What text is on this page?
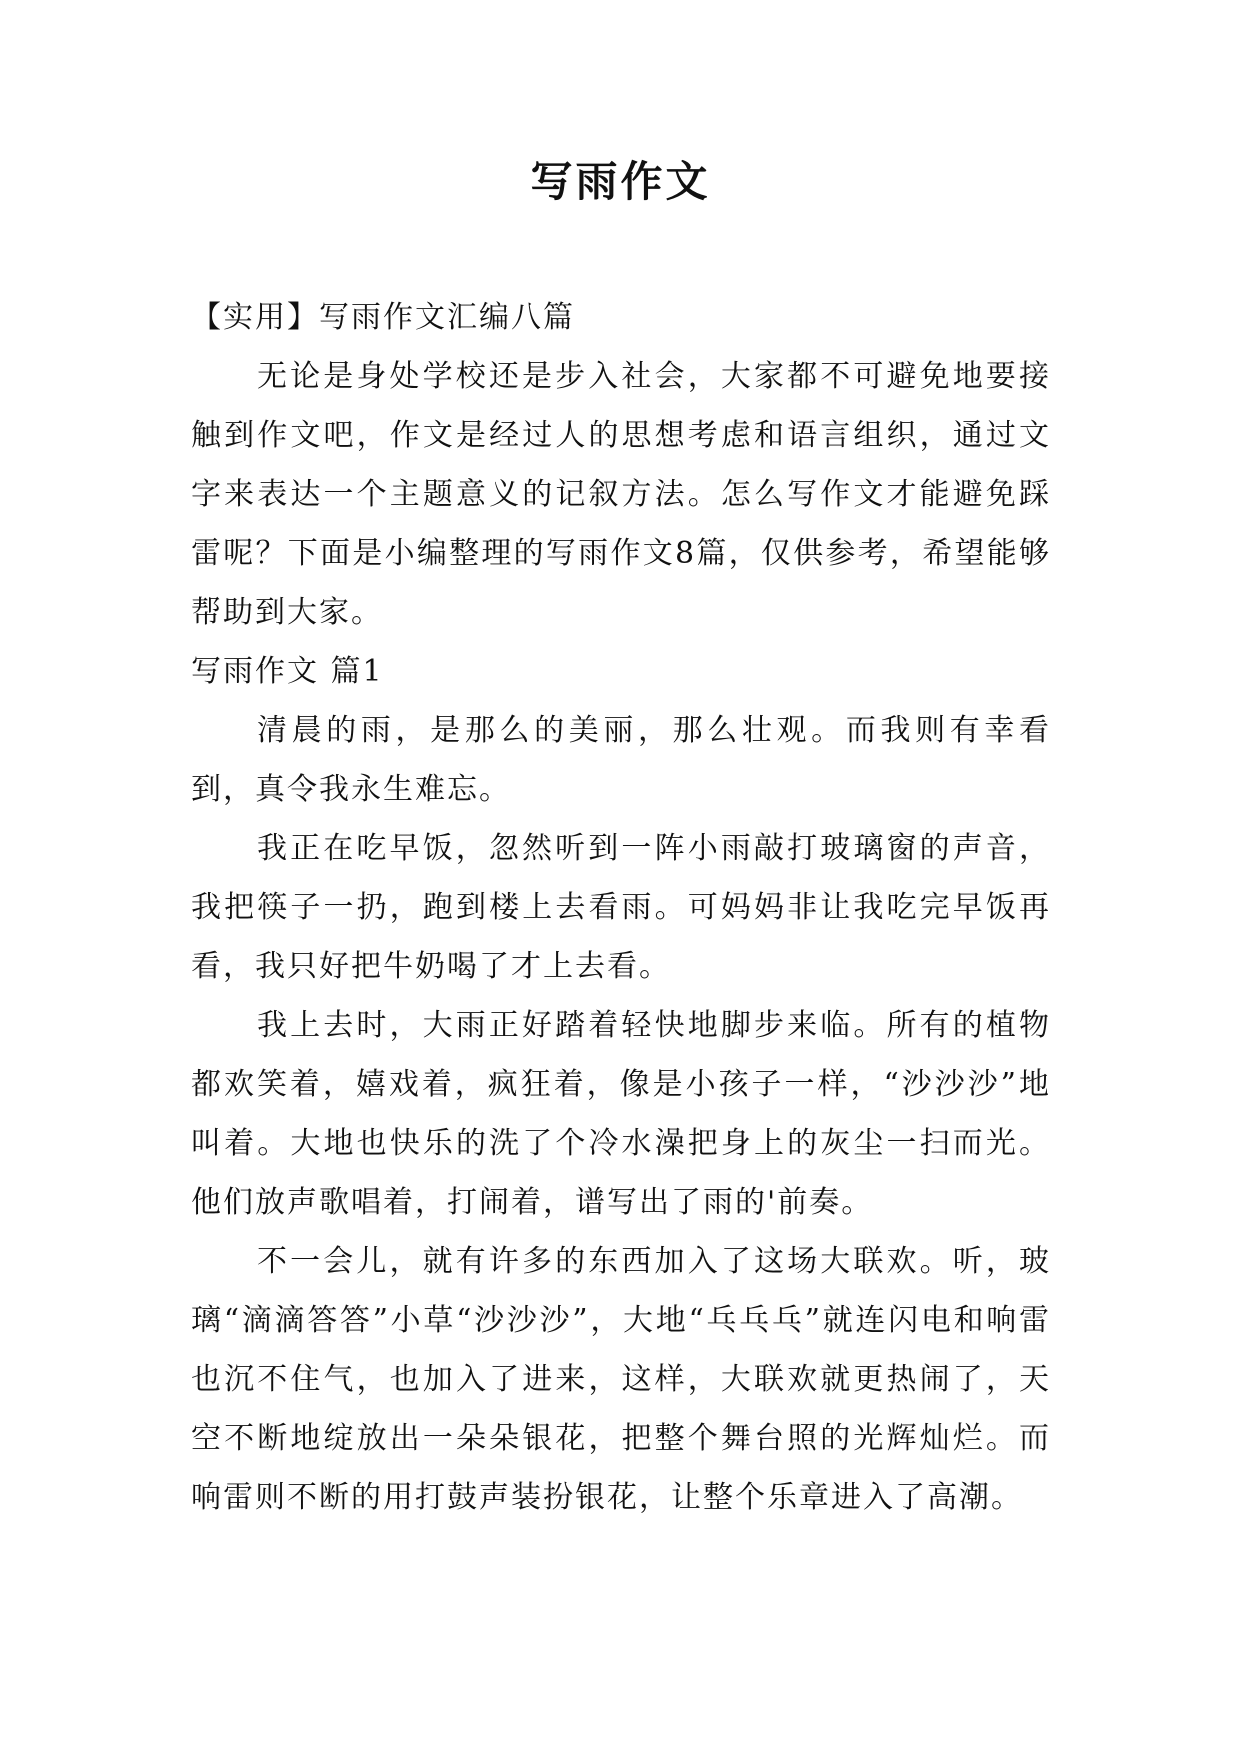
写雨作文

【实用】写雨作文汇编八篇

无论是身处学校还是步入社会，大家都不可避免地要接触到作文吧，作文是经过人的思想考虑和语言组织，通过文字来表达一个主题意义的记叙方法。怎么写作文才能避免踩雷呢？下面是小编整理的写雨作文8篇，仅供参考，希望能够帮助到大家。

写雨作文 篇1

清晨的雨，是那么的美丽，那么壮观。而我则有幸看到，真令我永生难忘。

我正在吃早饭，忽然听到一阵小雨敲打玻璃窗的声音，我把筷子一扔，跑到楼上去看雨。可妈妈非让我吃完早饭再看，我只好把牛奶喝了才上去看。

我上去时，大雨正好踏着轻快地脚步来临。所有的植物都欢笑着，嬉戏着，疯狂着，像是小孩子一样，“沙沙沙”地叫着。大地也快乐的洗了个冷水澡把身上的灰尘一扫而光。他们放声歌唱着，打闹着，谱写出了雨的'前奏。

不一会儿，就有许多的东西加入了这场大联欢。听，玻璃“滴滴答答”小草“沙沙沙”，大地“乓乓乓”就连闪电和响雷也沉不住气，也加入了进来，这样，大联欢就更热闹了，天空不断地绽放出一朵朵银花，把整个舞台照的光辉灿烂。而响雷则不断的用打鼓声装扮银花，让整个乐章进入了高潮。
